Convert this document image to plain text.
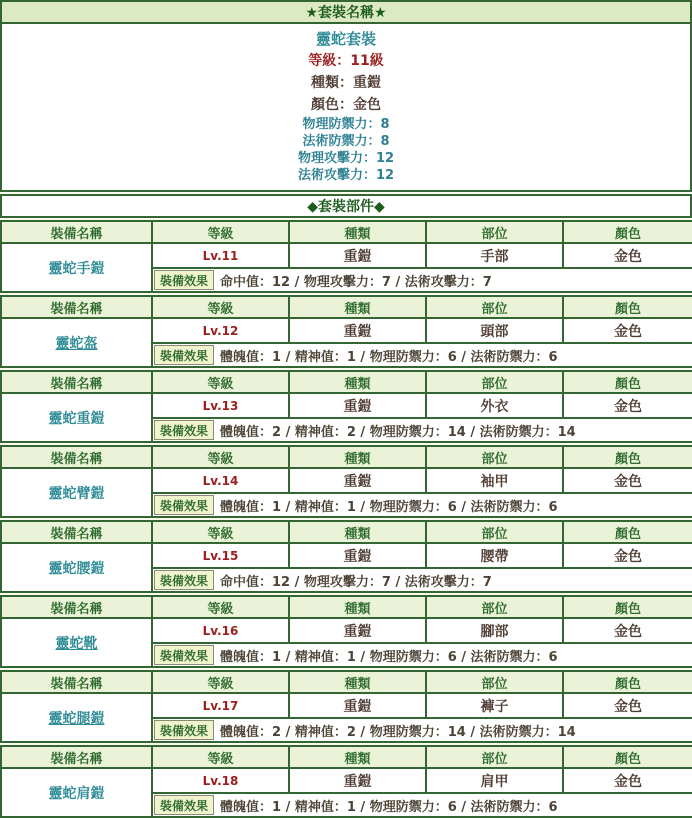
★套裝名稱★

靈蛇套裝
等級：11級
種類：重鎧
顏色：金色
物理防禦力：8
法術防禦力：8
物理攻擊力：12
法術攻擊力：12
◆套裝部件◆
裝備名稱	等級	種類	部位	顏色
靈蛇手鎧	Lv.11	重鎧	手部	金色

裝備效果 命中值：12 / 物理攻擊力：7 / 法術攻擊力：7			
裝備名稱	等級	種類	部位	顏色
靈蛇盔	Lv.12	重鎧	頭部	金色

裝備效果 體魄值：1 / 精神值：1 / 物理防禦力：6 / 法術防禦力：6			
裝備名稱	等級	種類	部位	顏色
靈蛇重鎧	Lv.13	重鎧	外衣	金色

裝備效果 體魄值：2 / 精神值：2 / 物理防禦力：14 / 法術防禦力：14			
裝備名稱	等級	種類	部位	顏色
靈蛇臂鎧	Lv.14	重鎧	袖甲	金色

裝備效果 體魄值：1 / 精神值：1 / 物理防禦力：6 / 法術防禦力：6			
裝備名稱	等級	種類	部位	顏色
靈蛇腰鎧	Lv.15	重鎧	腰帶	金色

裝備效果 命中值：12 / 物理攻擊力：7 / 法術攻擊力：7			
裝備名稱	等級	種類	部位	顏色
靈蛇靴	Lv.16	重鎧	腳部	金色

裝備效果 體魄值：1 / 精神值：1 / 物理防禦力：6 / 法術防禦力：6			
裝備名稱	等級	種類	部位	顏色
靈蛇腿鎧	Lv.17	重鎧	褲子	金色

裝備效果 體魄值：2 / 精神值：2 / 物理防禦力：14 / 法術防禦力：14			
裝備名稱	等級	種類	部位	顏色
靈蛇肩鎧	Lv.18	重鎧	肩甲	金色

裝備效果 體魄值：1 / 精神值：1 / 物理防禦力：6 / 法術防禦力：6			
